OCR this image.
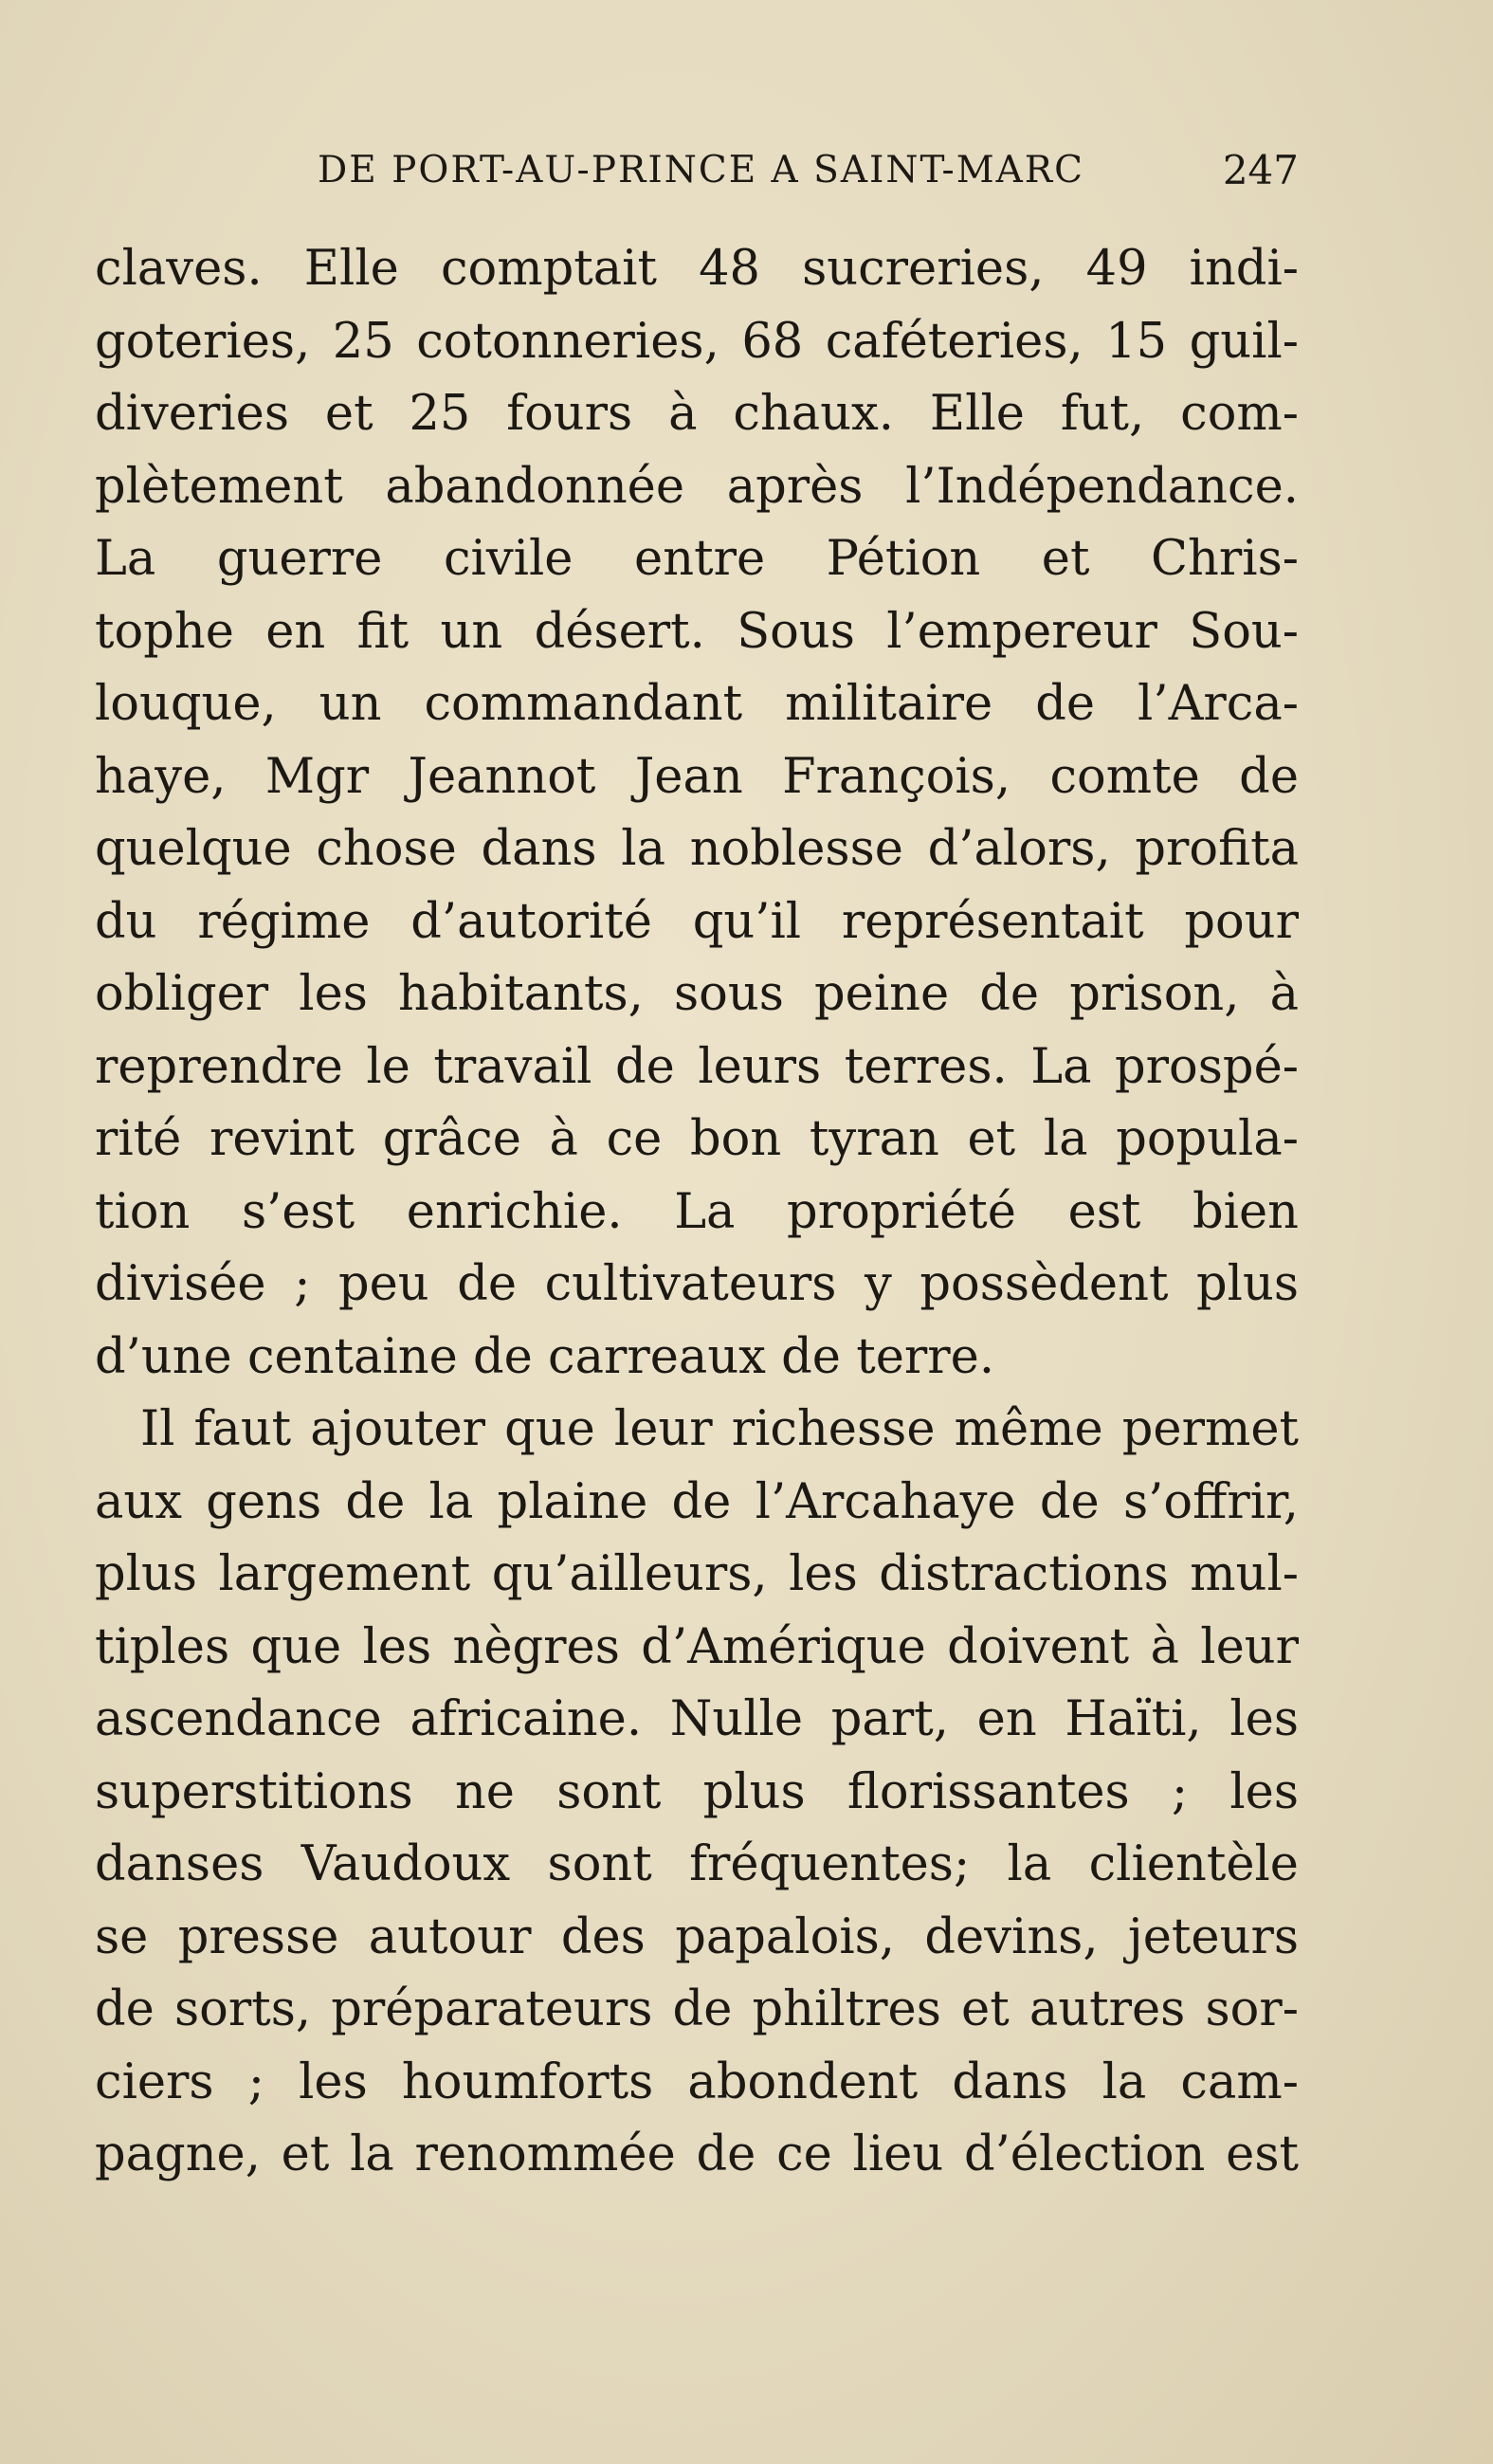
DE PORT-AU-PRINCE A SAINT-MARC	247
claves. Elle comptait 48 sucreries, 49 indi-
goteries, 25 cotonneries, 68 caféteries, 15 guil-
diveries et 25 fours à chaux. Elle fut, com-
plètement abandonnée après l’Indépendance.
La guerre civile entre Pétion et Chris-
tophe en fit un désert. Sous l’empereur Sou-
louque, un commandant militaire de l’Arca-
haye, Mgr Jeannot Jean François, comte de
quelque chose dans la noblesse d’alors, profita
du régime d’autorité qu’il représentait pour
obliger les habitants, sous peine de prison, à
reprendre le travail de leurs terres. La prospé-
rité revint grâce à ce bon tyran et la popula-
tion s’est enrichie. La propriété est bien
divisée ; peu de cultivateurs y possèdent plus
d’une centaine de carreaux de terre.
Il faut ajouter que leur richesse même permet
aux gens de la plaine de l’Arcahaye de s’offrir,
plus largement qu’ailleurs, les distractions mul-
tiples que les nègres d’Amérique doivent à leur
ascendance africaine. Nulle part, en Haïti, les
superstitions ne sont plus florissantes ; les
danses Vaudoux sont fréquentes; la clientèle
se presse autour des papalois, devins, jeteurs
de sorts, préparateurs de philtres et autres sor-
ciers ; les houmforts abondent dans la cam-
pagne, et la renommée de ce lieu d’élection est
